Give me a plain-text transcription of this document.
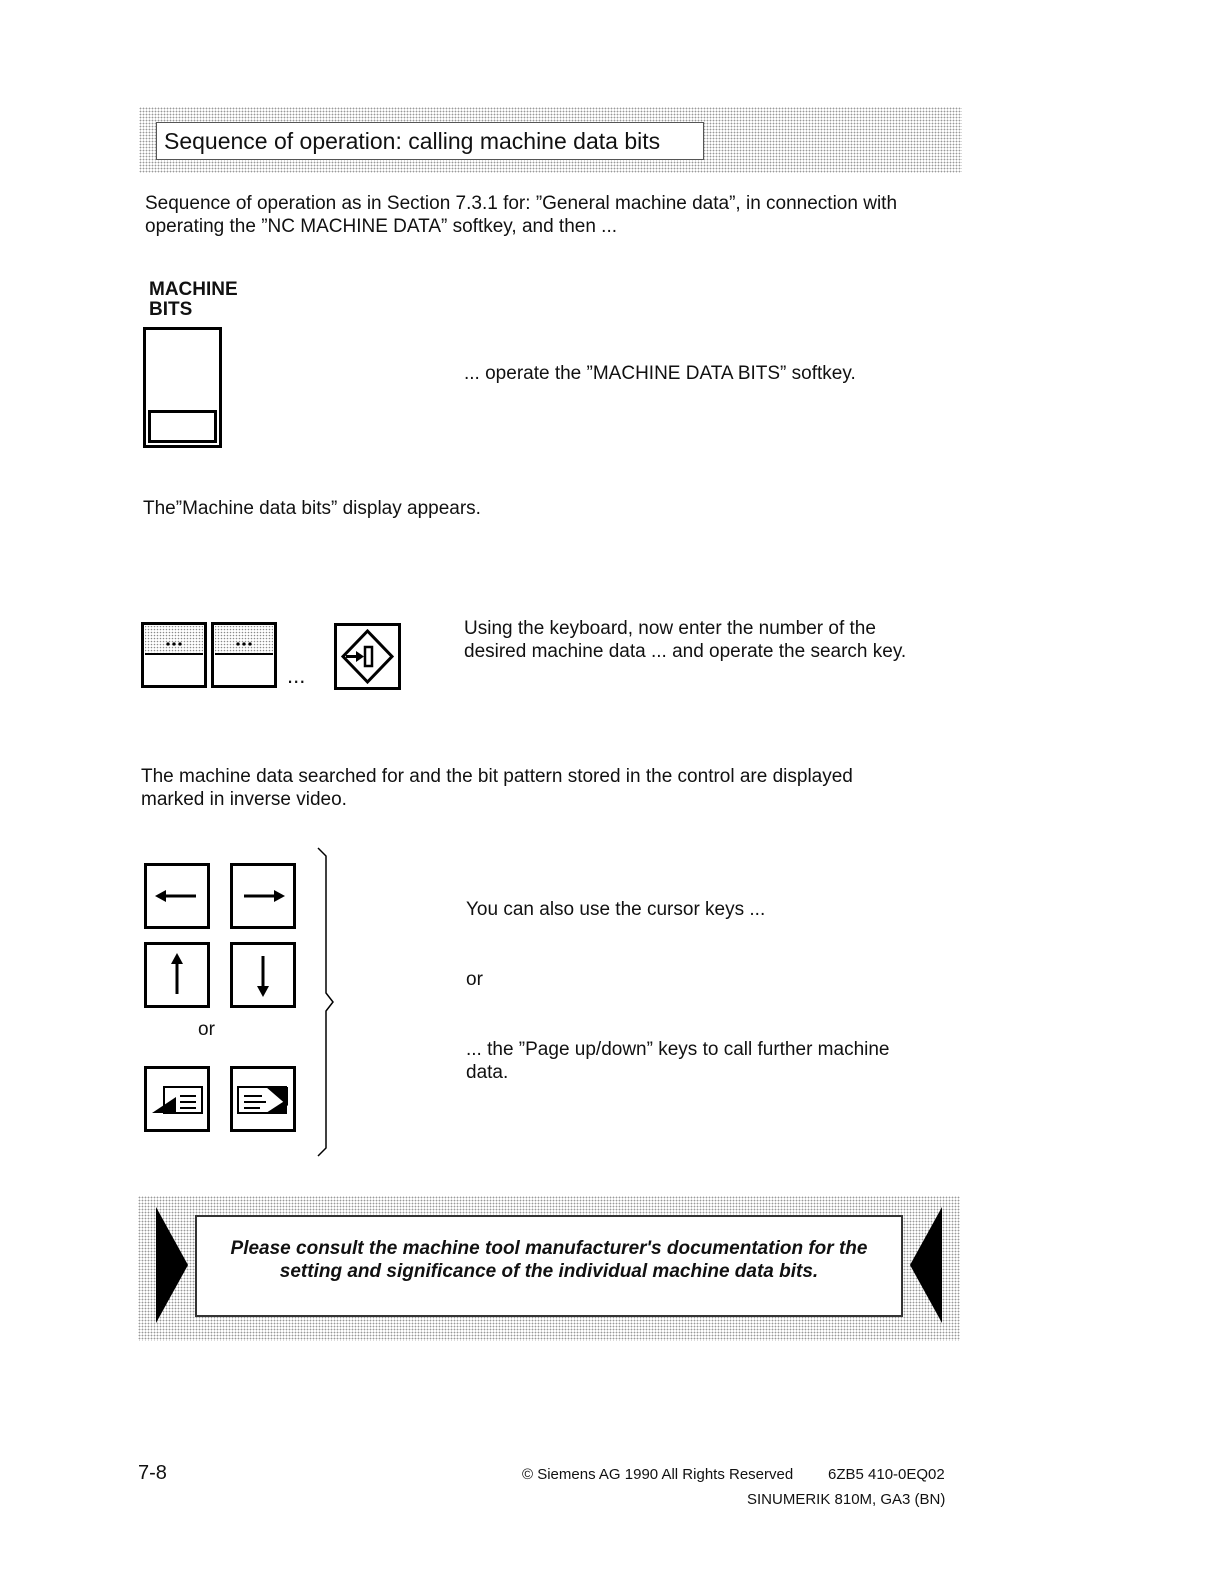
Sequence of operation: calling machine data bits
Sequence of operation as in Section 7.3.1 for: ”General machine data”, in connection with
operating the ”NC MACHINE DATA” softkey, and then ...
MACHINE
BITS
... operate the ”MACHINE DATA BITS” softkey.
The”Machine data bits” display appears.
...
Using the keyboard, now enter the number of the
desired machine data ... and operate the search key.
The machine data searched for and the bit pattern stored in the control are displayed
marked in inverse video.
or
You can also use the cursor keys ...
or
... the ”Page up/down” keys to call further machine
data.
Please consult the machine tool manufacturer's documentation for the
setting and significance of the individual machine data bits.
7-8	© Siemens AG 1990 All Rights Reserved 6ZB5 410-0EQ02
SINUMERIK 810M, GA3 (BN)
